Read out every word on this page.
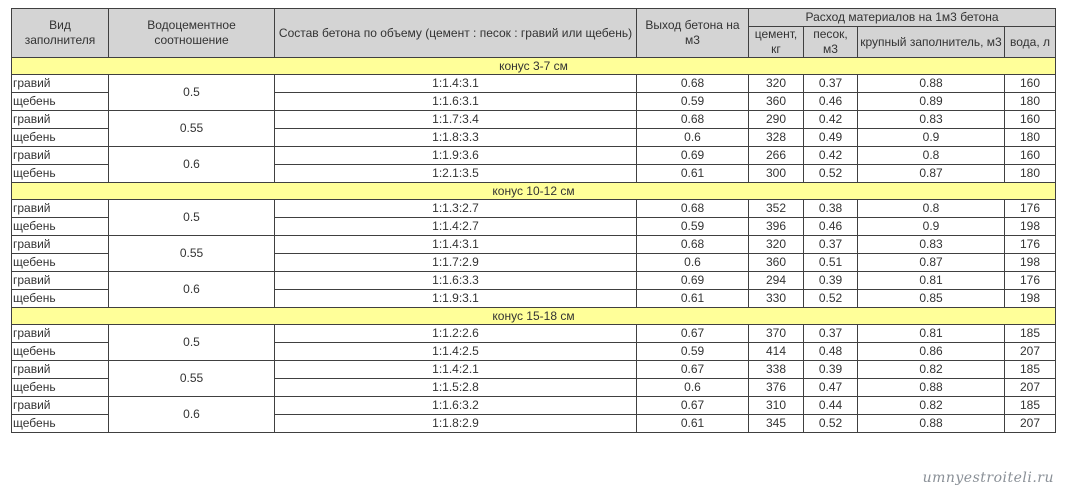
Вид заполнителя	Водоцементное соотношение	Состав бетона по объему (цемент : песок : гравий или щебень)	Выход бетона на м3	Расход материалов на 1м3 бетона			
				цемент, кг	песок, м3	крупный заполнитель, м3	вода, л
конус 3-7 см							
гравий	0.5	1:1.4:3.1	0.68	320	0.37	0.88	160
щебень		1:1.6:3.1	0.59	360	0.46	0.89	180
гравий	0.55	1:1.7:3.4	0.68	290	0.42	0.83	160
щебень		1:1.8:3.3	0.6	328	0.49	0.9	180
гравий	0.6	1:1.9:3.6	0.69	266	0.42	0.8	160
щебень		1:2.1:3.5	0.61	300	0.52	0.87	180
конус 10-12 см							
гравий	0.5	1:1.3:2.7	0.68	352	0.38	0.8	176
щебень		1:1.4:2.7	0.59	396	0.46	0.9	198
гравий	0.55	1:1.4:3.1	0.68	320	0.37	0.83	176
щебень		1:1.7:2.9	0.6	360	0.51	0.87	198
гравий	0.6	1:1.6:3.3	0.69	294	0.39	0.81	176
щебень		1:1.9:3.1	0.61	330	0.52	0.85	198
конус 15-18 см							
гравий	0.5	1:1.2:2.6	0.67	370	0.37	0.81	185
щебень		1:1.4:2.5	0.59	414	0.48	0.86	207
гравий	0.55	1:1.4:2.1	0.67	338	0.39	0.82	185
щебень		1:1.5:2.8	0.6	376	0.47	0.88	207
гравий	0.6	1:1.6:3.2	0.67	310	0.44	0.82	185
щебень		1:1.8:2.9	0.61	345	0.52	0.88	207
umnyestroiteli.ru
